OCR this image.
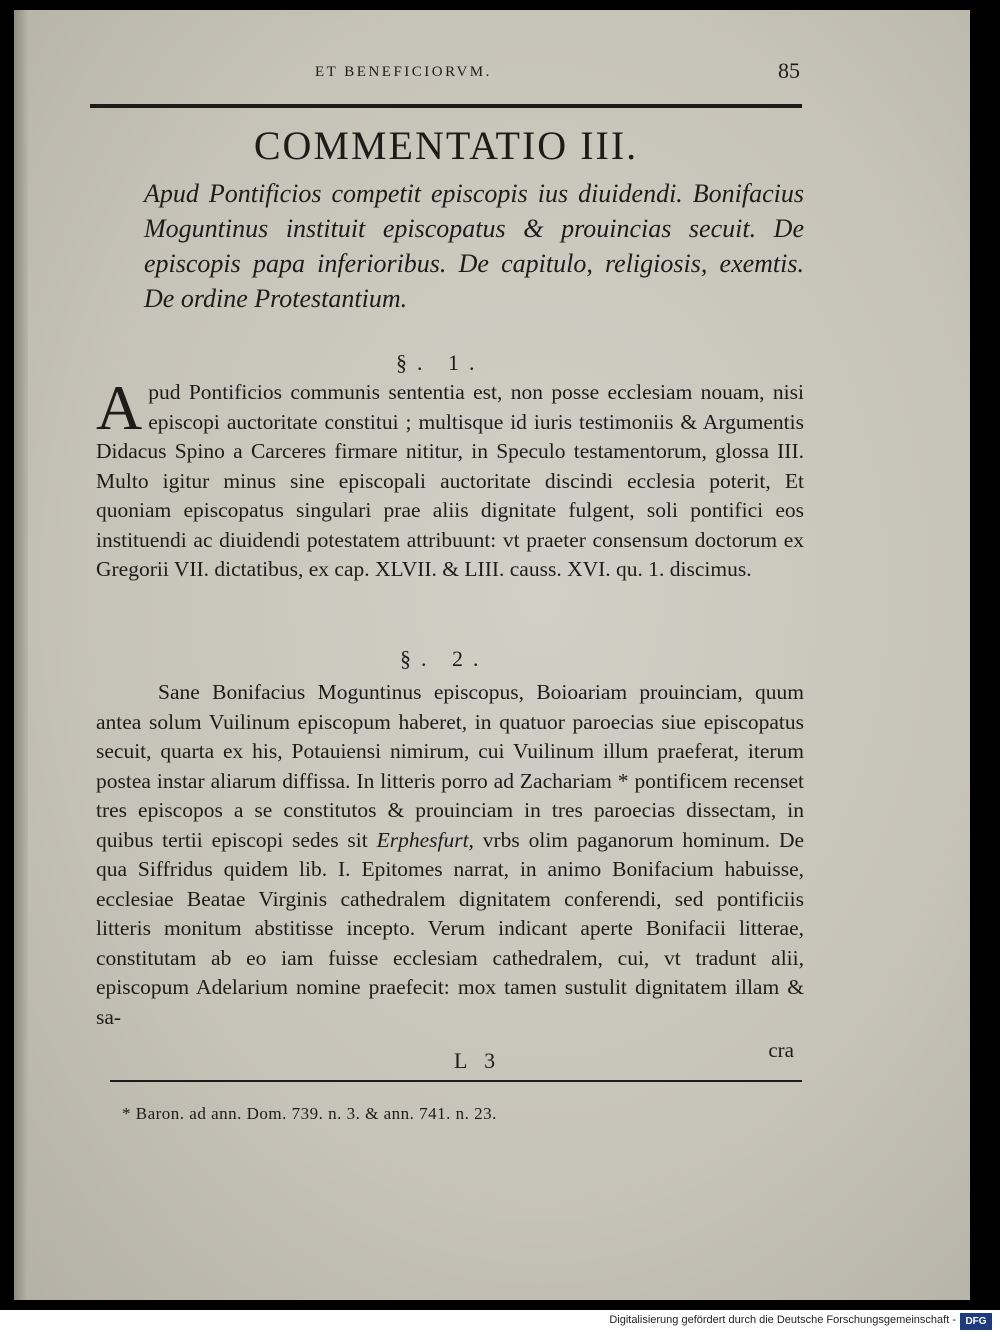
ET BENEFICIORVM.	85
COMMENTATIO III.

Apud Pontificios competit episcopis ius diuidendi. Bonifacius Moguntinus instituit episcopatus & prouincias secuit. De episcopis papa inferioribus. De capitulo, religiosis, exemtis. De ordine Protestantium.

§. 1.

Apud Pontificios communis sententia est, non posse ecclesiam nouam, nisi episcopi auctoritate constitui ; multisque id iuris testimoniis & Argumentis Didacus Spino a Carceres firmare nititur, in Speculo testamentorum, glossa III. Multo igitur minus sine episcopali auctoritate discindi ecclesia poterit, Et quoniam episcopatus singulari prae aliis dignitate fulgent, soli pontifici eos instituendi ac diuidendi potestatem attribuunt: vt praeter consensum doctorum ex Gregorii VII. dictatibus, ex cap. XLVII. & LIII. causs. XVI. qu. 1. discimus.

§. 2.

Sane Bonifacius Moguntinus episcopus, Boioariam prouinciam, quum antea solum Vuilinum episcopum haberet, in quatuor paroecias siue episcopatus secuit, quarta ex his, Potauiensi nimirum, cui Vuilinum illum praeferat, iterum postea instar aliarum diffissa. In litteris porro ad Zachariam * pontificem recenset tres episcopos a se constitutos & prouinciam in tres paroecias dissectam, in quibus tertii episcopi sedes sit Erphesfurt, vrbs olim paganorum hominum. De qua Siffridus quidem lib. I. Epitomes narrat, in animo Bonifacium habuisse, ecclesiae Beatae Virginis cathedralem dignitatem conferendi, sed pontificiis litteris monitum abstitisse incepto. Verum indicant aperte Bonifacii litterae, constitutam ab eo iam fuisse ecclesiam cathedralem, cui, vt tradunt alii, episcopum Adelarium nomine praefecit: mox tamen sustulit dignitatem illam & sa-

L 3	cra
* Baron. ad ann. Dom. 739. n. 3. & ann. 741. n. 23.
Digitalisierung gefördert durch die Deutsche Forschungsgemeinschaft - DFG
